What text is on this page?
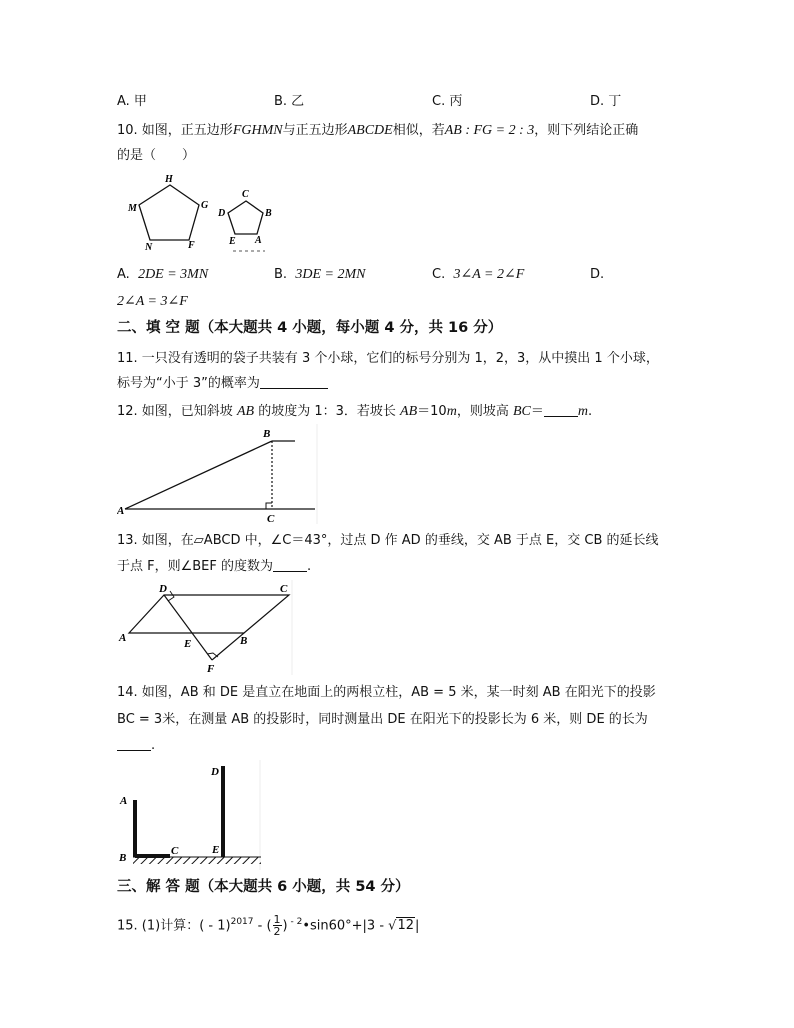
A. 甲	B. 乙	C. 丙	D. 丁
10. 如图，正五边形FGHMN与正五边形ABCDE相似，若AB : FG = 2 : 3，则下列结论正确
的是（　　）
H
G
M
N	F
C
B
D
E A
A. 2DE = 3MN	B. 3DE = 2MN	C. 3∠A = 2∠F	D.
2∠A = 3∠F
二、填 空 题（本大题共 4 小题，每小题 4 分，共 16 分）
11. 一只没有透明的袋子共装有 3 个小球，它们的标号分别为 1，2，3，从中摸出 1 个小球，
标号为“小于 3”的概率为
12. 如图，已知斜坡 AB 的坡度为 1：3．若坡长 AB＝10m，则坡高 BC＝ m.
B
A
C
13. 如图，在▱ABCD 中，∠C＝43°，过点 D 作 AD 的垂线，交 AB 于点 E，交 CB 的延长线
于点 F，则∠BEF 的度数为	.
D	C
A	E	B
F
14. 如图，AB 和 DE 是直立在地面上的两根立柱，AB = 5 米，某一时刻 AB 在阳光下的投影
BC = 3米，在测量 AB 的投影时，同时测量出 DE 在阳光下的投影长为 6 米，则 DE 的长为
.
D
A
C	E
B
三、解 答 题（本大题共 6 小题，共 54 分）
15. (1)计算：( - 1)$^{2017}$ - ( $\frac{1}{2}$ ) $^{- 2}$•sin60°+|3 - √12|
